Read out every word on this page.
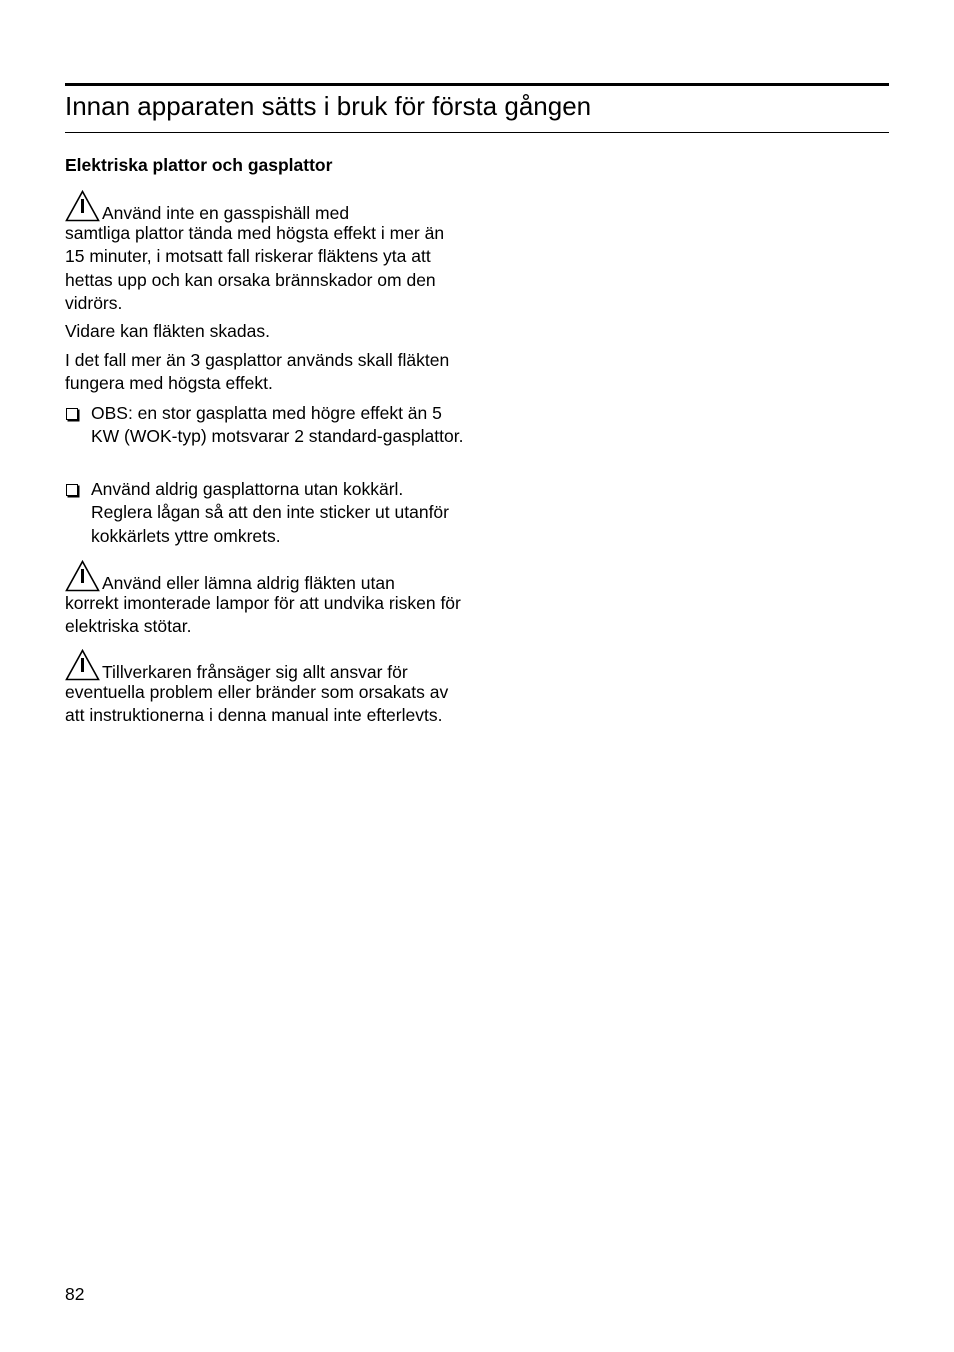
Innan apparaten sätts i bruk för första gången
Elektriska plattor och gasplattor
Använd inte en gasspishäll med
samtliga plattor tända med högsta effekt i mer än 15 minuter, i motsatt fall riskerar fläktens yta att hettas upp och kan orsaka brännskador om den vidrörs.

Vidare kan fläkten skadas.

I det fall mer än 3 gasplattor används skall fläkten fungera med högsta effekt.

OBS: en stor gasplatta med högre effekt än 5 KW (WOK-typ) motsvarar 2 standard-gasplattor.
Använd aldrig gasplattorna utan kokkärl. Reglera lågan så att den inte sticker ut utanför kokkärlets yttre omkrets.
Använd eller lämna aldrig fläkten utan
korrekt imonterade lampor för att undvika risken för elektriska stötar.
Tillverkaren frånsäger sig allt ansvar för
eventuella problem eller bränder som orsakats av att instruktionerna i denna manual inte efterlevts.
82
